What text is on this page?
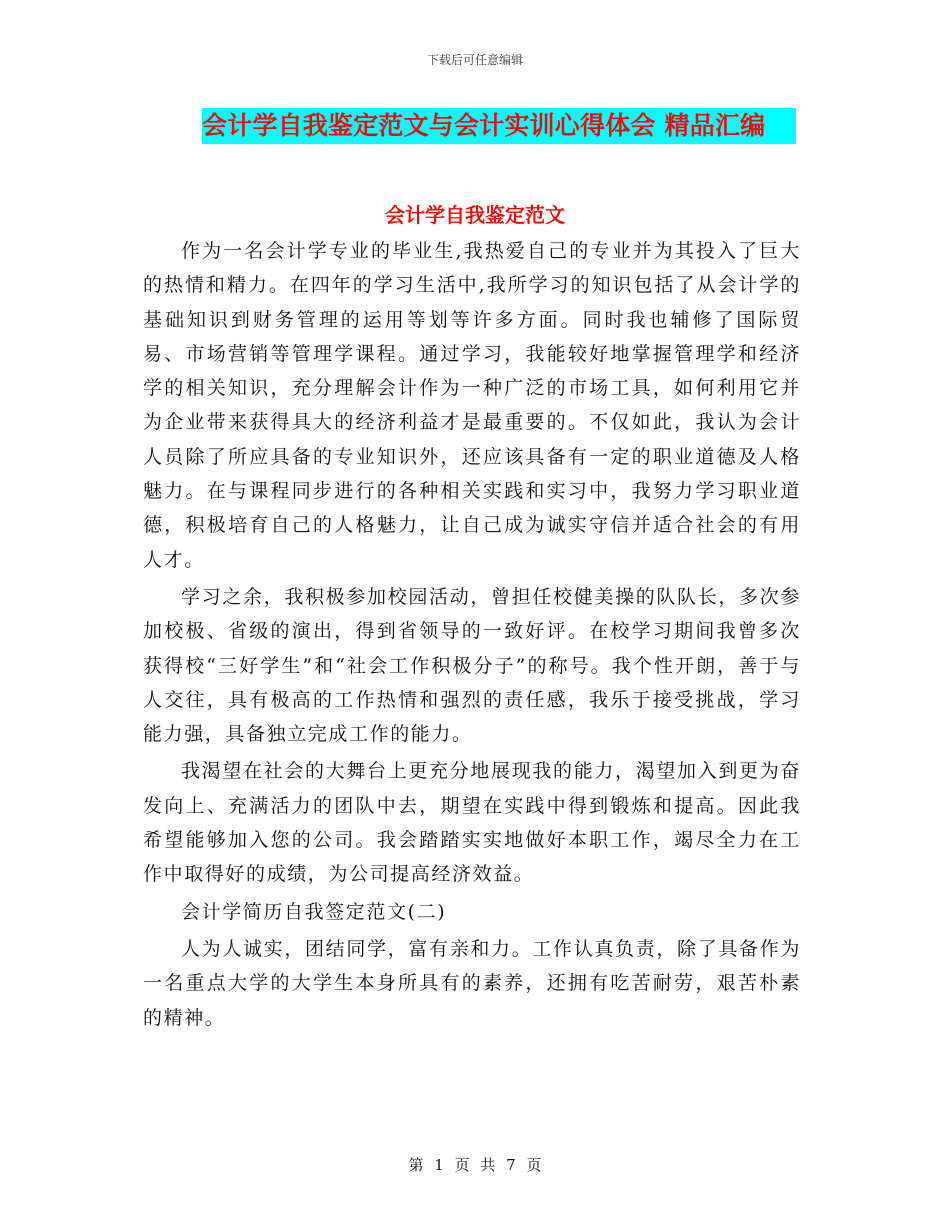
下载后可任意编辑
会计学自我鉴定范文与会计实训心得体会 精品汇编
会计学自我鉴定范文

作为一名会计学专业的毕业生,我热爱自己的专业并为其投入了巨大的热情和精力。在四年的学习生活中,我所学习的知识包括了从会计学的基础知识到财务管理的运用等划等许多方面。同时我也辅修了国际贸易、市场营销等管理学课程。通过学习，我能较好地掌握管理学和经济学的相关知识，充分理解会计作为一种广泛的市场工具，如何利用它并为企业带来获得具大的经济利益才是最重要的。不仅如此，我认为会计人员除了所应具备的专业知识外，还应该具备有一定的职业道德及人格魅力。在与课程同步进行的各种相关实践和实习中，我努力学习职业道德，积极培育自己的人格魅力，让自己成为诚实守信并适合社会的有用人才。

学习之余，我积极参加校园活动，曾担任校健美操的队队长，多次参加校极、省级的演出，得到省领导的一致好评。在校学习期间我曾多次获得校“三好学生”和“社会工作积极分子”的称号。我个性开朗，善于与人交往，具有极高的工作热情和强烈的责任感，我乐于接受挑战，学习能力强，具备独立完成工作的能力。

我渴望在社会的大舞台上更充分地展现我的能力，渴望加入到更为奋发向上、充满活力的团队中去，期望在实践中得到锻炼和提高。因此我希望能够加入您的公司。我会踏踏实实地做好本职工作，竭尽全力在工作中取得好的成绩，为公司提高经济效益。

会计学简历自我签定范文(二)

人为人诚实，团结同学，富有亲和力。工作认真负责，除了具备作为一名重点大学的大学生本身所具有的素养，还拥有吃苦耐劳，艰苦朴素的精神。

第 1 页 共 7 页
